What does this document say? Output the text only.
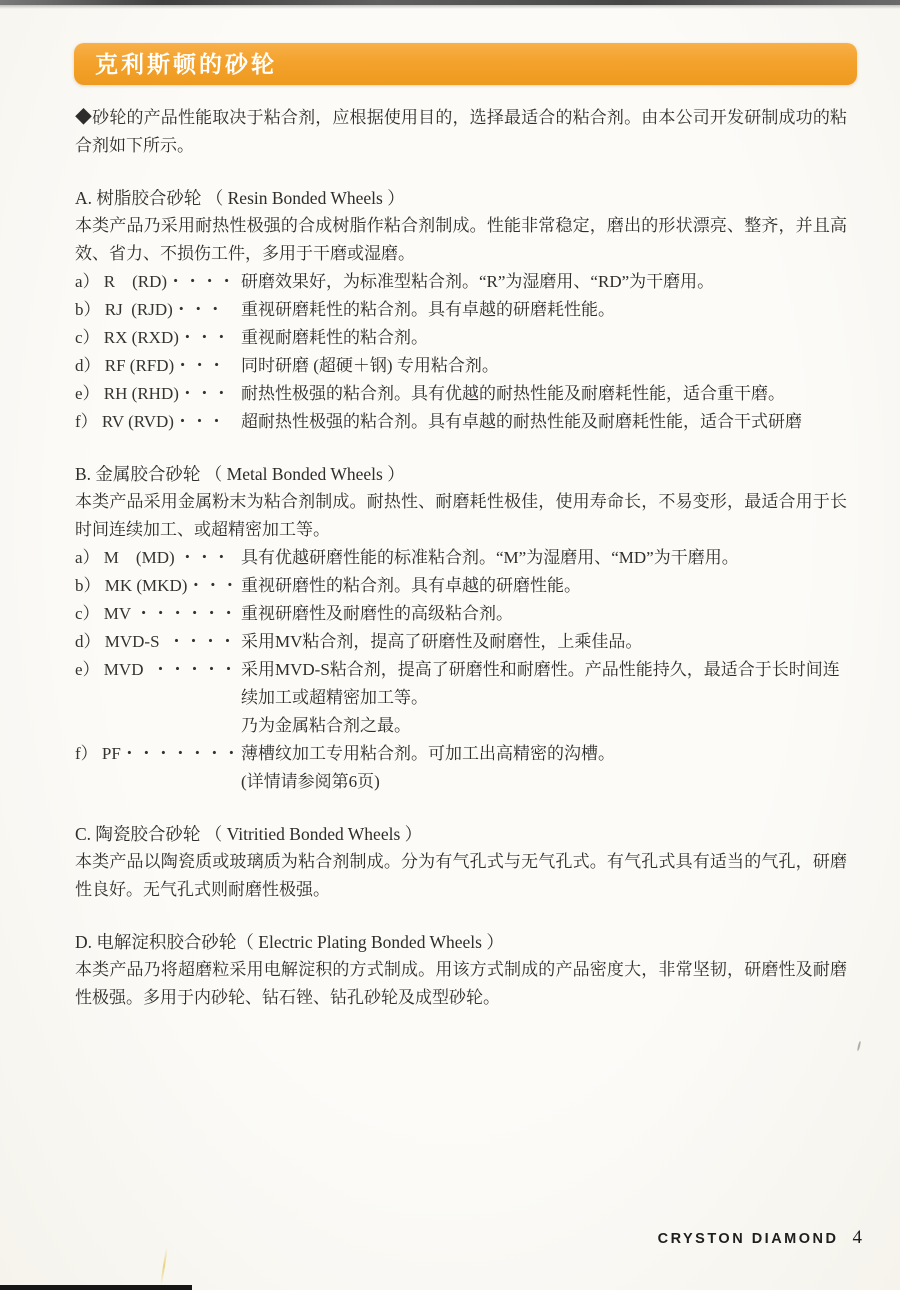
克利斯顿的砂轮

◆砂轮的产品性能取决于粘合剂，应根据使用目的，选择最适合的粘合剂。由本公司开发研制成功的粘合剂如下所示。

A. 树脂胶合砂轮 （ Resin Bonded Wheels ）

本类产品乃采用耐热性极强的合成树脂作粘合剂制成。性能非常稳定，磨出的形状漂亮、整齐，并且高效、省力、不损伤工件，多用于干磨或湿磨。

a） R    (RD)・・・・ 研磨效果好，为标准型粘合剂。“R”为湿磨用、“RD”为干磨用。
b） RJ  (RJD)・・・	重视研磨耗性的粘合剂。具有卓越的研磨耗性能。
c） RX (RXD)・・・ 重视耐磨耗性的粘合剂。
d） RF (RFD)・・・ 同时研磨 (超硬＋钢) 专用粘合剂。
e） RH (RHD)・・・ 耐热性极强的粘合剂。具有优越的耐热性能及耐磨耗性能，适合重干磨。
f） RV (RVD)・・・ 超耐热性极强的粘合剂。具有卓越的耐热性能及耐磨耗性能，适合干式研磨
B. 金属胶合砂轮 （ Metal Bonded Wheels ）

本类产品采用金属粉末为粘合剂制成。耐热性、耐磨耗性极佳，使用寿命长，不易变形，最适合用于长时间连续加工、或超精密加工等。

a） M    (MD) ・・・ 具有优越研磨性能的标准粘合剂。“M”为湿磨用、“MD”为干磨用。
b） MK (MKD)・・・ 重视研磨性的粘合剂。具有卓越的研磨性能。
c） MV ・・・・・・ 重视研磨性及耐磨性的高级粘合剂。
d） MVD-S  ・・・・ 采用MV粘合剂，提高了研磨性及耐磨性，上乘佳品。
e） MVD  ・・・・・ 采用MVD-S粘合剂，提高了研磨性和耐磨性。产品性能持久，最适合于长时间连续加工或超精密加工等。
乃为金属粘合剂之最。
f） PF・・・・・・・ 薄槽纹加工专用粘合剂。可加工出高精密的沟槽。
(详情请参阅第6页)
C. 陶瓷胶合砂轮 （ Vitritied Bonded Wheels ）

本类产品以陶瓷质或玻璃质为粘合剂制成。分为有气孔式与无气孔式。有气孔式具有适当的气孔，研磨性良好。无气孔式则耐磨性极强。

D. 电解淀积胶合砂轮（ Electric Plating Bonded Wheels ）

本类产品乃将超磨粒采用电解淀积的方式制成。用该方式制成的产品密度大，非常坚韧，研磨性及耐磨性极强。多用于内砂轮、钻石锉、钻孔砂轮及成型砂轮。

CRYSTON DIAMOND 4
